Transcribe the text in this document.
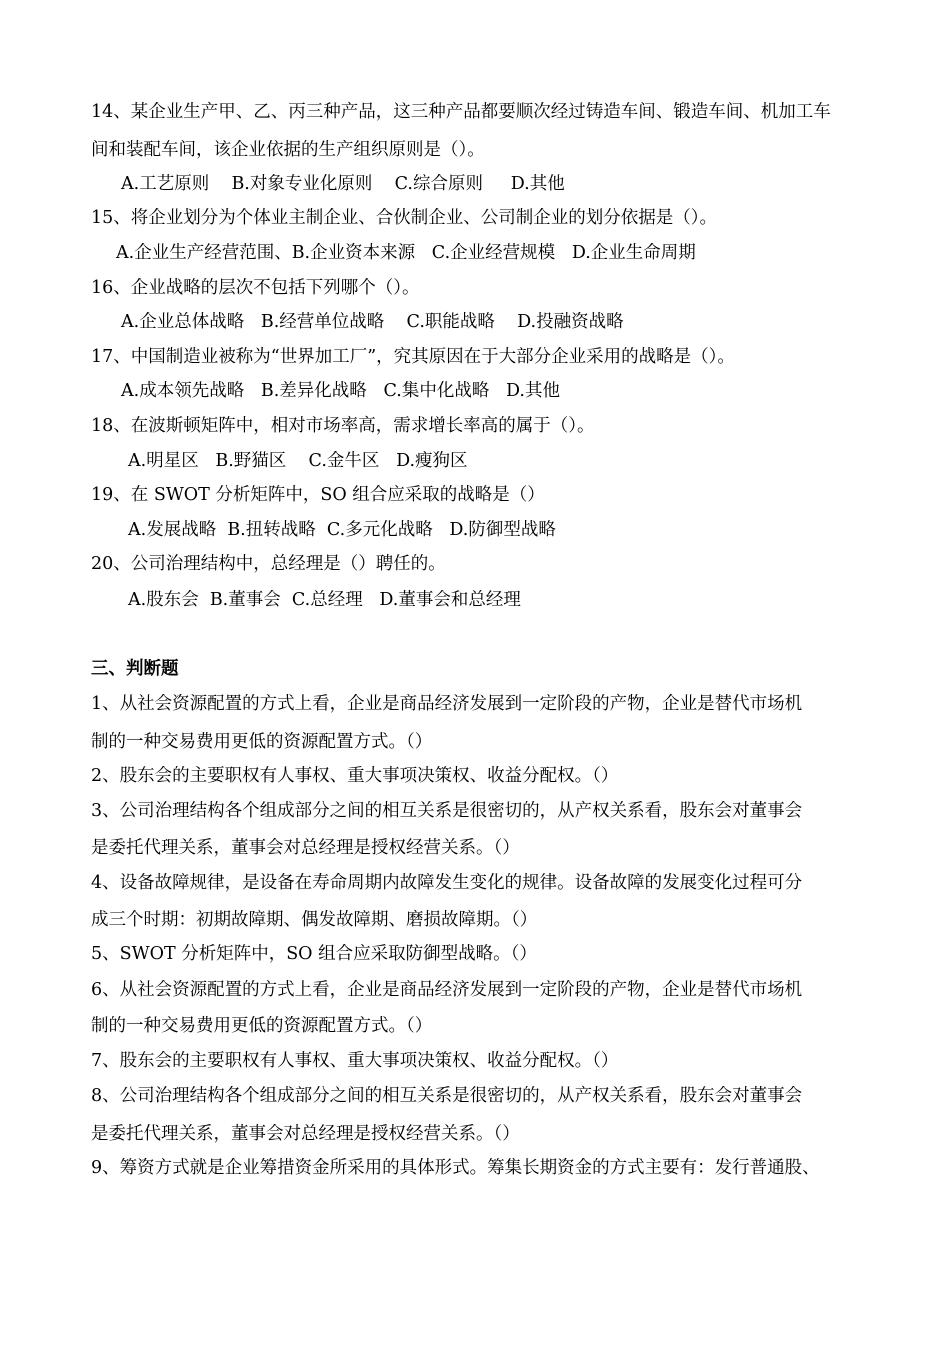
14、某企业生产甲、乙、丙三种产品，这三种产品都要顺次经过铸造车间、锻造车间、机加工车

间和装配车间，该企业依据的生产组织原则是（）。

A.工艺原则    B.对象专业化原则    C.综合原则     D.其他

15、将企业划分为个体业主制企业、合伙制企业、公司制企业的划分依据是（）。

A.企业生产经营范围、B.企业资本来源   C.企业经营规模   D.企业生命周期

16、企业战略的层次不包括下列哪个（）。

A.企业总体战略   B.经营单位战略    C.职能战略    D.投融资战略

17、中国制造业被称为“世界加工厂”，究其原因在于大部分企业采用的战略是（）。

A.成本领先战略   B.差异化战略   C.集中化战略   D.其他

18、在波斯顿矩阵中，相对市场率高，需求增长率高的属于（）。

A.明星区   B.野猫区    C.金牛区   D.瘦狗区

19、在 SWOT 分析矩阵中，SO 组合应采取的战略是（）

A.发展战略  B.扭转战略  C.多元化战略   D.防御型战略

20、公司治理结构中，总经理是（）聘任的。

A.股东会  B.董事会  C.总经理   D.董事会和总经理

三、判断题

1、从社会资源配置的方式上看，企业是商品经济发展到一定阶段的产物，企业是替代市场机

制的一种交易费用更低的资源配置方式。（）

2、股东会的主要职权有人事权、重大事项决策权、收益分配权。（）

3、公司治理结构各个组成部分之间的相互关系是很密切的，从产权关系看，股东会对董事会

是委托代理关系，董事会对总经理是授权经营关系。（）

4、设备故障规律，是设备在寿命周期内故障发生变化的规律。设备故障的发展变化过程可分

成三个时期：初期故障期、偶发故障期、磨损故障期。（）

5、SWOT 分析矩阵中，SO 组合应采取防御型战略。（）

6、从社会资源配置的方式上看，企业是商品经济发展到一定阶段的产物，企业是替代市场机

制的一种交易费用更低的资源配置方式。（）

7、股东会的主要职权有人事权、重大事项决策权、收益分配权。（）

8、公司治理结构各个组成部分之间的相互关系是很密切的，从产权关系看，股东会对董事会

是委托代理关系，董事会对总经理是授权经营关系。（）

9、筹资方式就是企业筹措资金所采用的具体形式。筹集长期资金的方式主要有：发行普通股、
